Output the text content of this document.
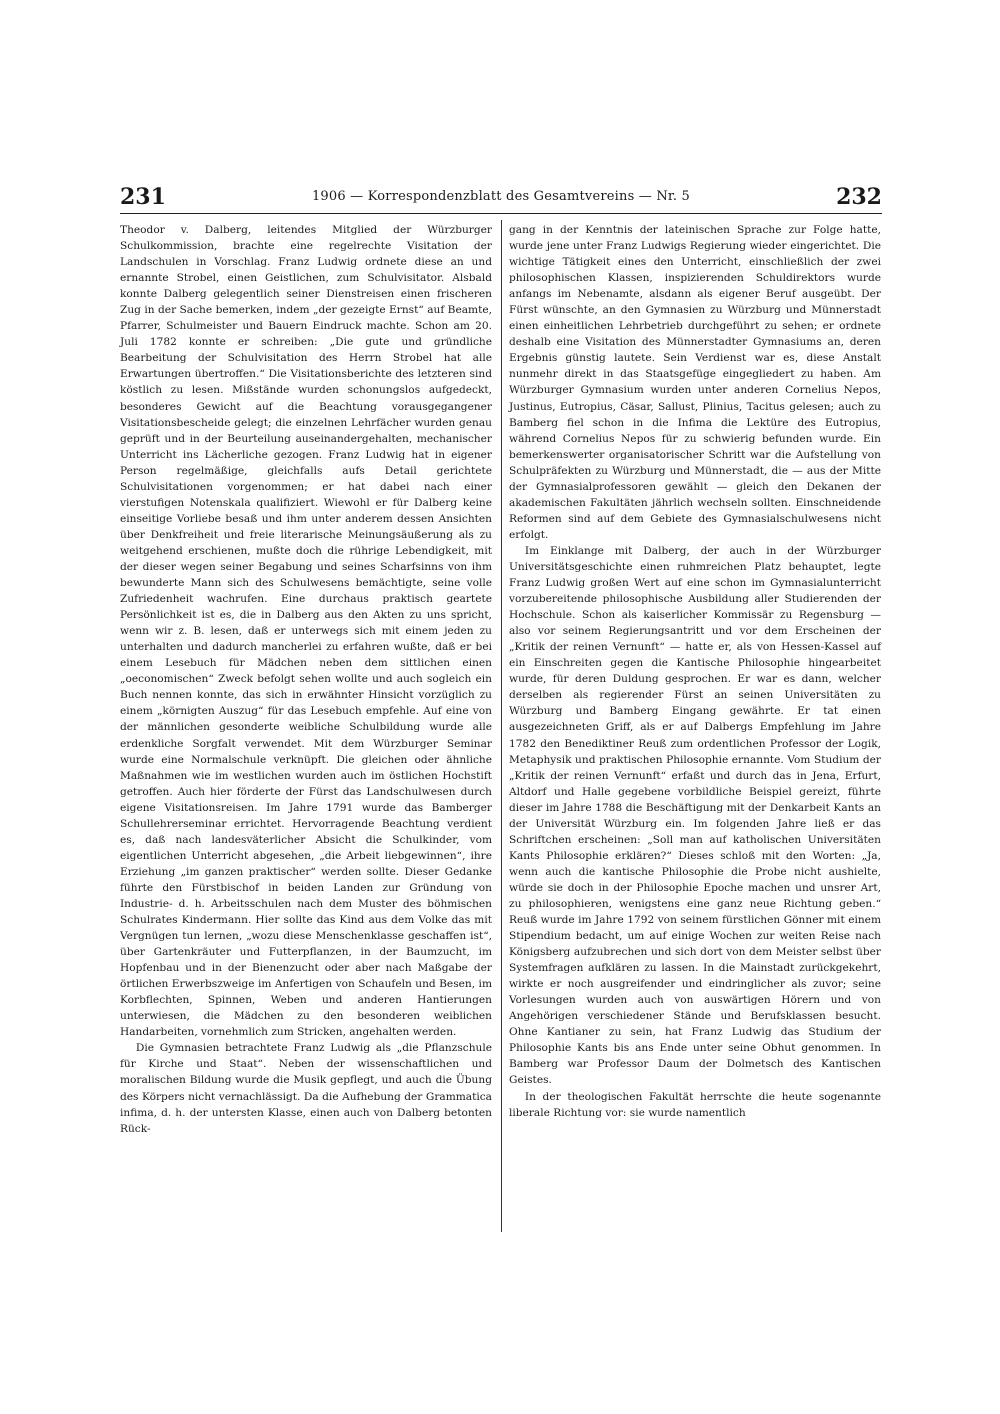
231	1906 — Korrespondenzblatt des Gesamtvereins — Nr. 5	232

Theodor v. Dalberg, leitendes Mitglied der Würzburger Schulkommission, brachte eine regelrechte Visitation der Landschulen in Vorschlag. Franz Ludwig ordnete diese an und ernannte Strobel, einen Geistlichen, zum Schulvisitator. Alsbald konnte Dalberg gelegentlich seiner Dienstreisen einen frischeren Zug in der Sache bemerken, indem „der gezeigte Ernst“ auf Beamte, Pfarrer, Schulmeister und Bauern Eindruck machte. Schon am 20. Juli 1782 konnte er schreiben: „Die gute und gründliche Bearbeitung der Schulvisitation des Herrn Strobel hat alle Erwartungen übertroffen.“ Die Visitationsberichte des letzteren sind köstlich zu lesen. Mißstände wurden schonungslos aufgedeckt, besonderes Gewicht auf die Beachtung vorausgegangener Visitationsbescheide gelegt; die einzelnen Lehrfächer wurden genau geprüft und in der Beurteilung auseinandergehalten, mechanischer Unterricht ins Lächerliche gezogen. Franz Ludwig hat in eigener Person regelmäßige, gleichfalls aufs Detail gerichtete Schulvisitationen vorgenommen; er hat dabei nach einer vierstufigen Notenskala qualifiziert. Wiewohl er für Dalberg keine einseitige Vorliebe besaß und ihm unter anderem dessen Ansichten über Denkfreiheit und freie literarische Meinungsäußerung als zu weitgehend erschienen, mußte doch die rührige Lebendigkeit, mit der dieser wegen seiner Begabung und seines Scharfsinns von ihm bewunderte Mann sich des Schulwesens bemächtigte, seine volle Zufriedenheit wachrufen. Eine durchaus praktisch geartete Persönlichkeit ist es, die in Dalberg aus den Akten zu uns spricht, wenn wir z. B. lesen, daß er unterwegs sich mit einem jeden zu unterhalten und dadurch mancherlei zu erfahren wußte, daß er bei einem Lesebuch für Mädchen neben dem sittlichen einen „oeconomischen“ Zweck befolgt sehen wollte und auch sogleich ein Buch nennen konnte, das sich in erwähnter Hinsicht vorzüglich zu einem „körnigten Auszug“ für das Lesebuch empfehle. Auf eine von der männlichen gesonderte weibliche Schulbildung wurde alle erdenkliche Sorgfalt verwendet. Mit dem Würzburger Seminar wurde eine Normalschule verknüpft. Die gleichen oder ähnliche Maßnahmen wie im westlichen wurden auch im östlichen Hochstift getroffen. Auch hier förderte der Fürst das Landschulwesen durch eigene Visitationsreisen. Im Jahre 1791 wurde das Bamberger Schullehrerseminar errichtet. Hervorragende Beachtung verdient es, daß nach landesväterlicher Absicht die Schulkinder, vom eigentlichen Unterricht abgesehen, „die Arbeit liebgewinnen“, ihre Erziehung „im ganzen praktischer“ werden sollte. Dieser Gedanke führte den Fürstbischof in beiden Landen zur Gründung von Industrie- d. h. Arbeitsschulen nach dem Muster des böhmischen Schulrates Kindermann. Hier sollte das Kind aus dem Volke das mit Vergnügen tun lernen, „wozu diese Menschenklasse geschaffen ist“, über Gartenkräuter und Futterpflanzen, in der Baumzucht, im Hopfenbau und in der Bienenzucht oder aber nach Maßgabe der örtlichen Erwerbszweige im Anfertigen von Schaufeln und Besen, im Korbflechten, Spinnen, Weben und anderen Hantierungen unterwiesen, die Mädchen zu den besonderen weiblichen Handarbeiten, vornehmlich zum Stricken, angehalten werden.

Die Gymnasien betrachtete Franz Ludwig als „die Pflanzschule für Kirche und Staat“. Neben der wissenschaftlichen und moralischen Bildung wurde die Musik gepflegt, und auch die Übung des Körpers nicht vernachlässigt. Da die Aufhebung der Grammatica infima, d. h. der untersten Klasse, einen auch von Dalberg betonten Rück-

gang in der Kenntnis der lateinischen Sprache zur Folge hatte, wurde jene unter Franz Ludwigs Regierung wieder eingerichtet. Die wichtige Tätigkeit eines den Unterricht, einschließlich der zwei philosophischen Klassen, inspizierenden Schuldirektors wurde anfangs im Nebenamte, alsdann als eigener Beruf ausgeübt. Der Fürst wünschte, an den Gymnasien zu Würzburg und Münnerstadt einen einheitlichen Lehrbetrieb durchgeführt zu sehen; er ordnete deshalb eine Visitation des Münnerstadter Gymnasiums an, deren Ergebnis günstig lautete. Sein Verdienst war es, diese Anstalt nunmehr direkt in das Staatsgefüge eingegliedert zu haben. Am Würzburger Gymnasium wurden unter anderen Cornelius Nepos, Justinus, Eutropius, Cäsar, Sallust, Plinius, Tacitus gelesen; auch zu Bamberg fiel schon in die Infima die Lektüre des Eutropius, während Cornelius Nepos für zu schwierig befunden wurde. Ein bemerkenswerter organisatorischer Schritt war die Aufstellung von Schulpräfekten zu Würzburg und Münnerstadt, die — aus der Mitte der Gymnasialprofessoren gewählt — gleich den Dekanen der akademischen Fakultäten jährlich wechseln sollten. Einschneidende Reformen sind auf dem Gebiete des Gymnasialschulwesens nicht erfolgt.

Im Einklange mit Dalberg, der auch in der Würzburger Universitätsgeschichte einen ruhmreichen Platz behauptet, legte Franz Ludwig großen Wert auf eine schon im Gymnasialunterricht vorzubereitende philosophische Ausbildung aller Studierenden der Hochschule. Schon als kaiserlicher Kommissär zu Regensburg — also vor seinem Regierungsantritt und vor dem Erscheinen der „Kritik der reinen Vernunft“ — hatte er, als von Hessen-Kassel auf ein Einschreiten gegen die Kantische Philosophie hingearbeitet wurde, für deren Duldung gesprochen. Er war es dann, welcher derselben als regierender Fürst an seinen Universitäten zu Würzburg und Bamberg Eingang gewährte. Er tat einen ausgezeichneten Griff, als er auf Dalbergs Empfehlung im Jahre 1782 den Benediktiner Reuß zum ordentlichen Professor der Logik, Metaphysik und praktischen Philosophie ernannte. Vom Studium der „Kritik der reinen Vernunft“ erfaßt und durch das in Jena, Erfurt, Altdorf und Halle gegebene vorbildliche Beispiel gereizt, führte dieser im Jahre 1788 die Beschäftigung mit der Denkarbeit Kants an der Universität Würzburg ein. Im folgenden Jahre ließ er das Schriftchen erscheinen: „Soll man auf katholischen Universitäten Kants Philosophie erklären?“ Dieses schloß mit den Worten: „Ja, wenn auch die kantische Philosophie die Probe nicht aushielte, würde sie doch in der Philosophie Epoche machen und unsrer Art, zu philosophieren, wenigstens eine ganz neue Richtung geben.“ Reuß wurde im Jahre 1792 von seinem fürstlichen Gönner mit einem Stipendium bedacht, um auf einige Wochen zur weiten Reise nach Königsberg aufzubrechen und sich dort von dem Meister selbst über Systemfragen aufklären zu lassen. In die Mainstadt zurückgekehrt, wirkte er noch ausgreifender und eindringlicher als zuvor; seine Vorlesungen wurden auch von auswärtigen Hörern und von Angehörigen verschiedener Stände und Berufsklassen besucht. Ohne Kantianer zu sein, hat Franz Ludwig das Studium der Philosophie Kants bis ans Ende unter seine Obhut genommen. In Bamberg war Professor Daum der Dolmetsch des Kantischen Geistes.

In der theologischen Fakultät herrschte die heute sogenannte liberale Richtung vor: sie wurde namentlich
